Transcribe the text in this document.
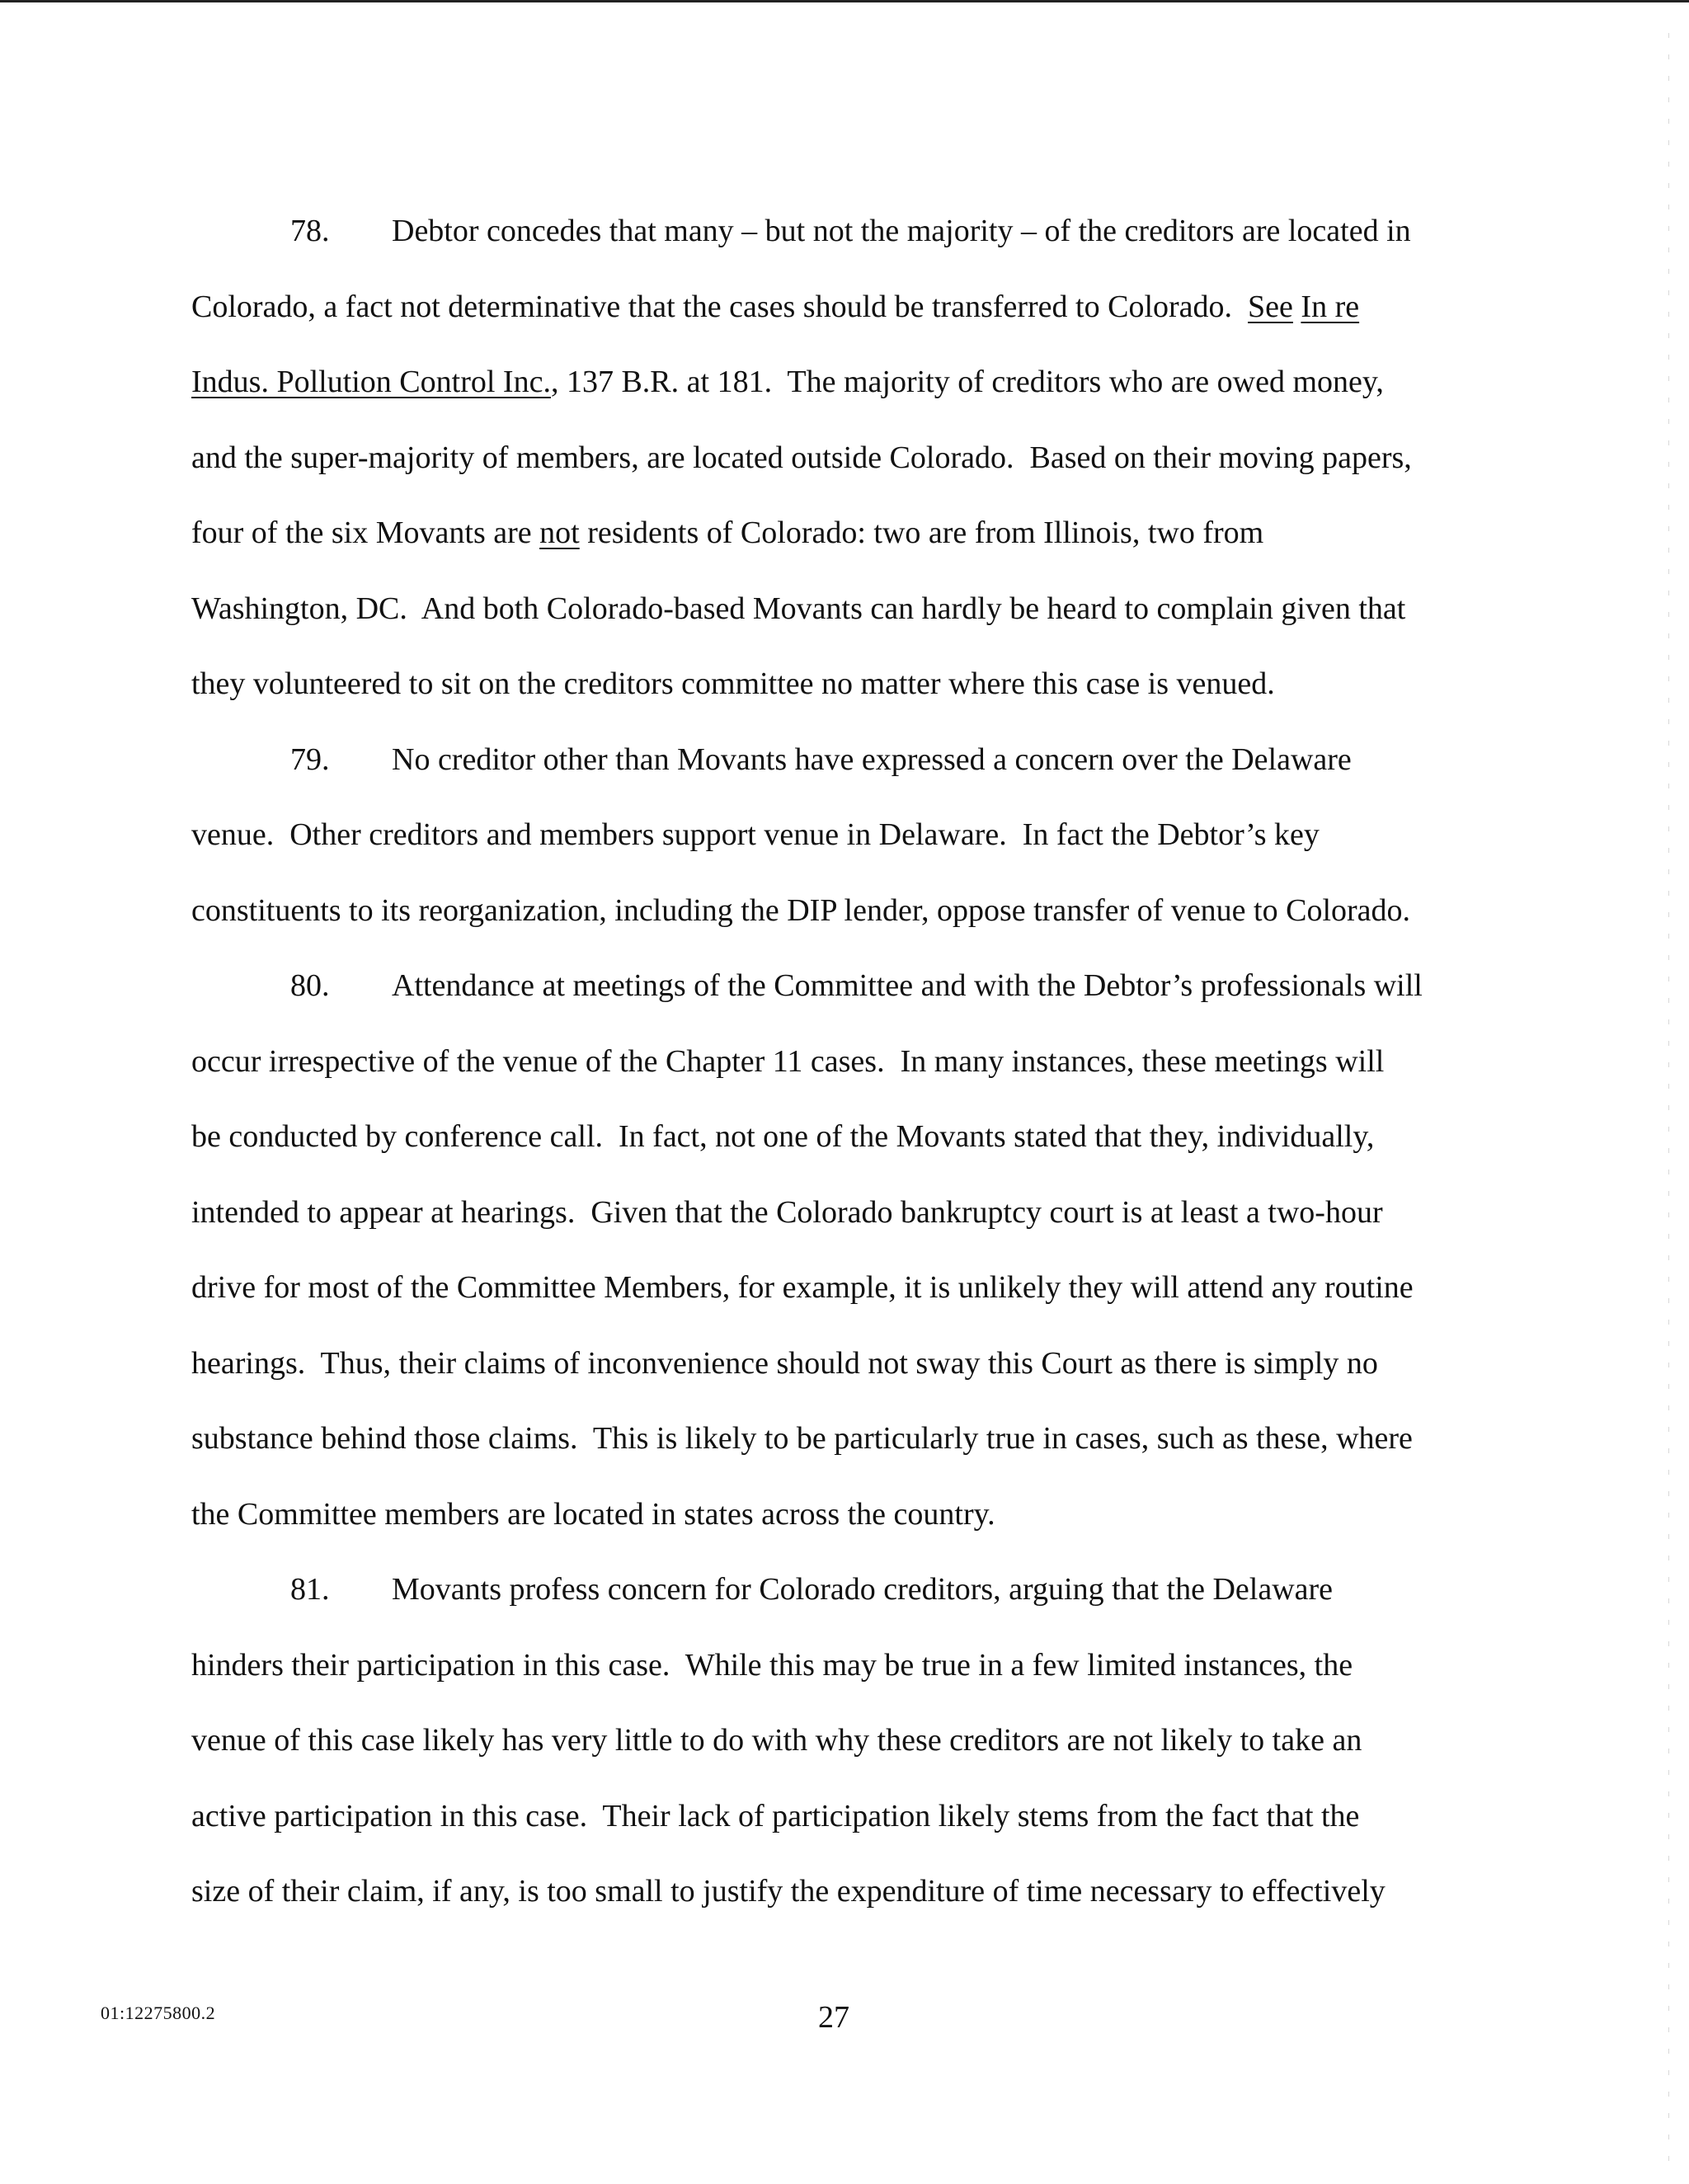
78. Debtor concedes that many – but not the majority – of the creditors are located in
Colorado, a fact not determinative that the cases should be transferred to Colorado.  See In re
Indus. Pollution Control Inc., 137 B.R. at 181.  The majority of creditors who are owed money,
and the super-majority of members, are located outside Colorado.  Based on their moving papers,
four of the six Movants are not residents of Colorado: two are from Illinois, two from
Washington, DC.  And both Colorado-based Movants can hardly be heard to complain given that
they volunteered to sit on the creditors committee no matter where this case is venued.
79. No creditor other than Movants have expressed a concern over the Delaware
venue.  Other creditors and members support venue in Delaware.  In fact the Debtor’s key
constituents to its reorganization, including the DIP lender, oppose transfer of venue to Colorado.
80. Attendance at meetings of the Committee and with the Debtor’s professionals will
occur irrespective of the venue of the Chapter 11 cases.  In many instances, these meetings will
be conducted by conference call.  In fact, not one of the Movants stated that they, individually,
intended to appear at hearings.  Given that the Colorado bankruptcy court is at least a two-hour
drive for most of the Committee Members, for example, it is unlikely they will attend any routine
hearings.  Thus, their claims of inconvenience should not sway this Court as there is simply no
substance behind those claims.  This is likely to be particularly true in cases, such as these, where
the Committee members are located in states across the country.
81. Movants profess concern for Colorado creditors, arguing that the Delaware
hinders their participation in this case.  While this may be true in a few limited instances, the
venue of this case likely has very little to do with why these creditors are not likely to take an
active participation in this case.  Their lack of participation likely stems from the fact that the
size of their claim, if any, is too small to justify the expenditure of time necessary to effectively
01:12275800.2	27
